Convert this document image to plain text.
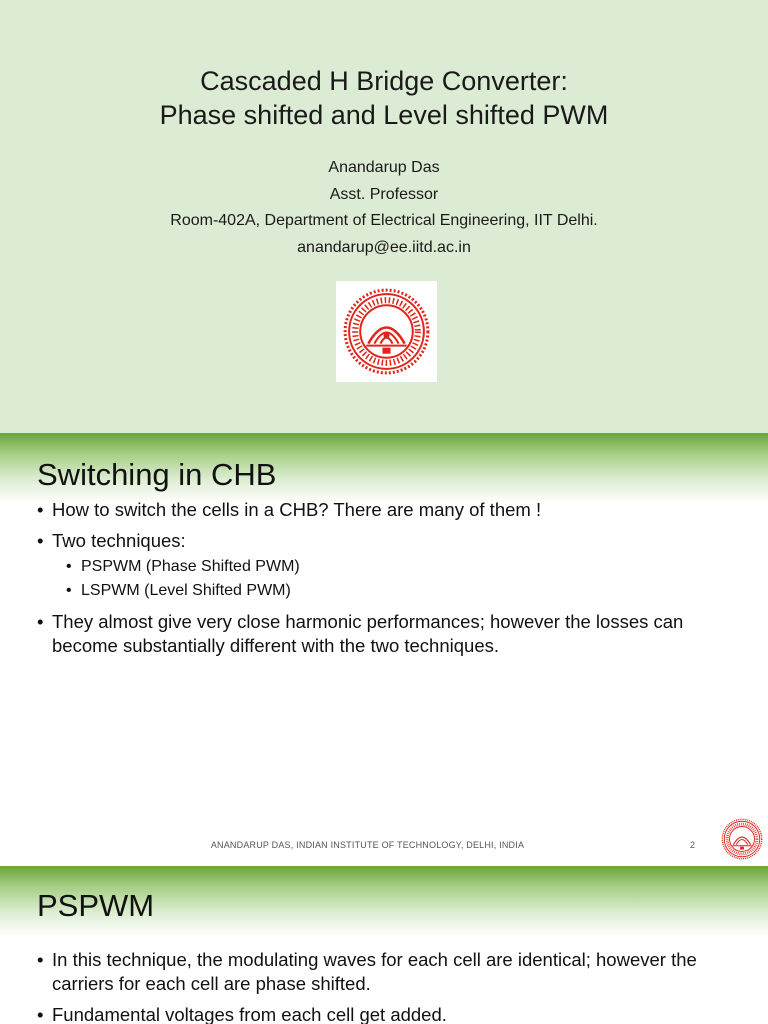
Cascaded H Bridge Converter:
Phase shifted and Level shifted PWM
Anandarup Das
Asst. Professor
Room-402A, Department of Electrical Engineering, IIT Delhi.
anandarup@ee.iitd.ac.in
Switching in CHB
• How to switch the cells in a CHB? There are many of them !
• Two techniques:
• PSPWM (Phase Shifted PWM)
• LSPWM (Level Shifted PWM)
• They almost give very close harmonic performances; however the losses can become substantially different with the two techniques.
ANANDARUP DAS, INDIAN INSTITUTE OF TECHNOLOGY, DELHI, INDIA	2
PSPWM
• In this technique, the modulating waves for each cell are identical; however the carriers for each cell are phase shifted.
• Fundamental voltages from each cell get added.
